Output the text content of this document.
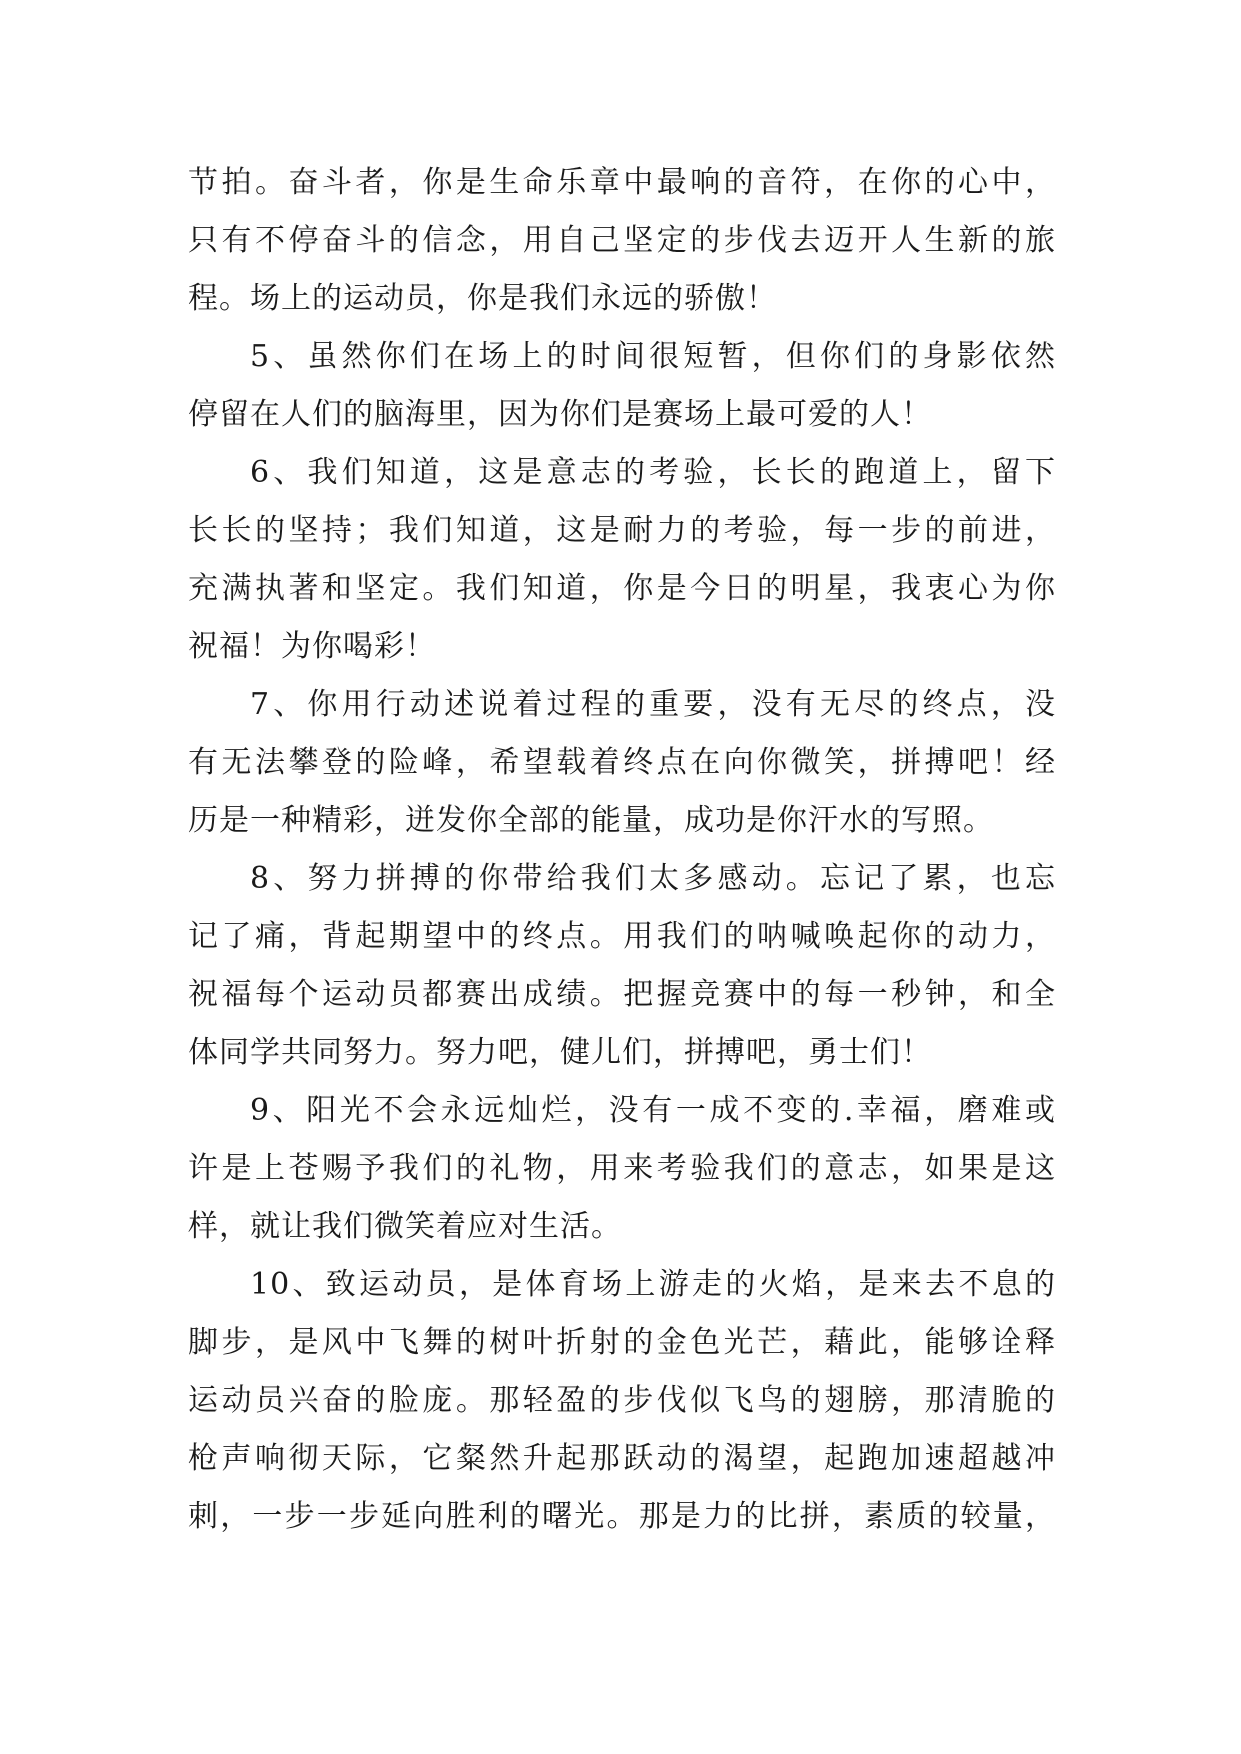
节拍。奋斗者，你是生命乐章中最响的音符，在你的心中，
只有不停奋斗的信念，用自己坚定的步伐去迈开人生新的旅
程。场上的运动员，你是我们永远的骄傲！
5、虽然你们在场上的时间很短暂，但你们的身影依然
停留在人们的脑海里，因为你们是赛场上最可爱的人！
6、我们知道，这是意志的考验，长长的跑道上，留下
长长的坚持；我们知道，这是耐力的考验，每一步的前进，
充满执著和坚定。我们知道，你是今日的明星，我衷心为你
祝福！为你喝彩！
7、你用行动述说着过程的重要，没有无尽的终点，没
有无法攀登的险峰，希望载着终点在向你微笑，拼搏吧！经
历是一种精彩，迸发你全部的能量，成功是你汗水的写照。
8、努力拼搏的你带给我们太多感动。忘记了累，也忘
记了痛，背起期望中的终点。用我们的呐喊唤起你的动力，
祝福每个运动员都赛出成绩。把握竞赛中的每一秒钟，和全
体同学共同努力。努力吧，健儿们，拼搏吧，勇士们！
9、阳光不会永远灿烂，没有一成不变的.幸福，磨难或
许是上苍赐予我们的礼物，用来考验我们的意志，如果是这
样，就让我们微笑着应对生活。
10、致运动员，是体育场上游走的火焰，是来去不息的
脚步，是风中飞舞的树叶折射的金色光芒，藉此，能够诠释
运动员兴奋的脸庞。那轻盈的步伐似飞鸟的翅膀，那清脆的
枪声响彻天际，它粲然升起那跃动的渴望，起跑加速超越冲
刺，一步一步延向胜利的曙光。那是力的比拼，素质的较量，
